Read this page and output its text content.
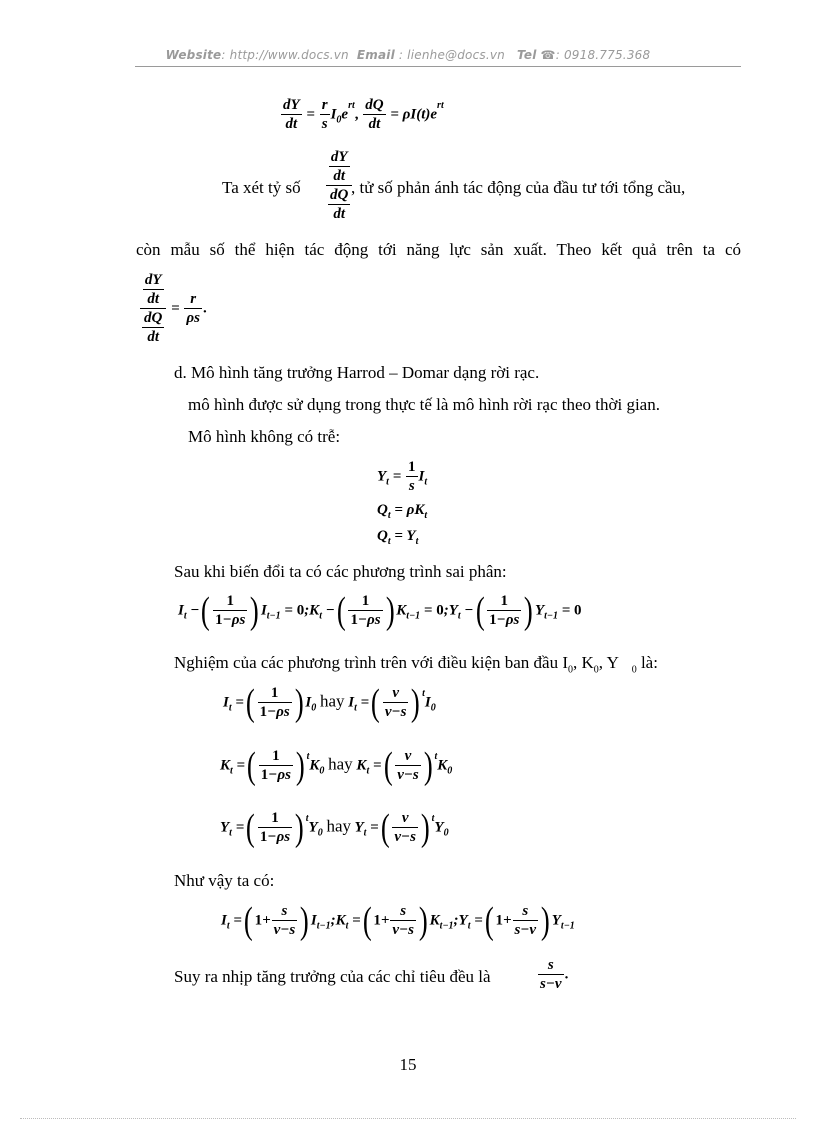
Website: http://www.docs.vn Email : lienhe@docs.vn Tel ☎: 0918.775.368
$\frac{dY}{dt} = \frac{r}{s} I_0e^{rt}$, $\frac{dQ}{dt} = \rho I(t)e^{rt}$
Ta xét tỷ số $\frac{\frac{dY}{dt}}{\frac{dQ}{dt}}$
, tử số phản ánh tác động của đầu tư tới tổng cầu,
còn mẫu số thể hiện tác động tới năng lực sản xuất. Theo kết quả trên ta có
$\frac{\frac{dY}{dt}}{\frac{dQ}{dt}} = \frac{r}{\rho s}$ .
d. Mô hình tăng trưởng Harrod – Domar dạng rời rạc.
mô hình được sử dụng trong thực tế là mô hình rời rạc theo thời gian.
Mô hình không có trễ:
$Y_t = \frac{1}{s} I_t$
$Q_t = \rho K_t$
$Q_t = Y_t$
Sau khi biến đổi ta có các phương trình sai phân:
$I_t$ −( $\frac{1}{1-\rho s}$ ) $I_{t-1}$ = $0;K_t$ −( $\frac{1}{1-\rho s}$ ) $K_{t-1}$ = $0;Y_t$ −( $\frac{1}{1-\rho s}$ ) $Y_{t-1} = 0$
Nghiệm của các phương trình trên với điều kiện ban đầu $I_0$, $K_0$, Y $_0$ là:
$I_t$ =( $\frac{1}{1-\rho s}$ ) $I_0$ hay $I_t$ =( $\frac{v}{v-s}$ ) $^tI_0$
$K_t$ =( $\frac{1}{1-\rho s}$ ) $^tK_0$ hay $K_t$ =( $\frac{v}{v-s}$ ) $^tK_0$
$Y_t$ =( $\frac{1}{1-\rho s}$ ) $^tY_0$ hay $Y_t$ =( $\frac{v}{v-s}$ ) $^tY_0$
Như vậy ta có:
$I_t$ =( $1+ \frac{s}{v-s}$ ) $I_{t-1};K_t$ =( $1+ \frac{s}{v-s}$ ) $K_{t-1};Y_t$ =( $1+ \frac{s}{s-v}$ ) $Y_{t-1}$
Suy ra nhịp tăng trưởng của các chỉ tiêu đều là	$\frac{s}{s-v}$ .
15
